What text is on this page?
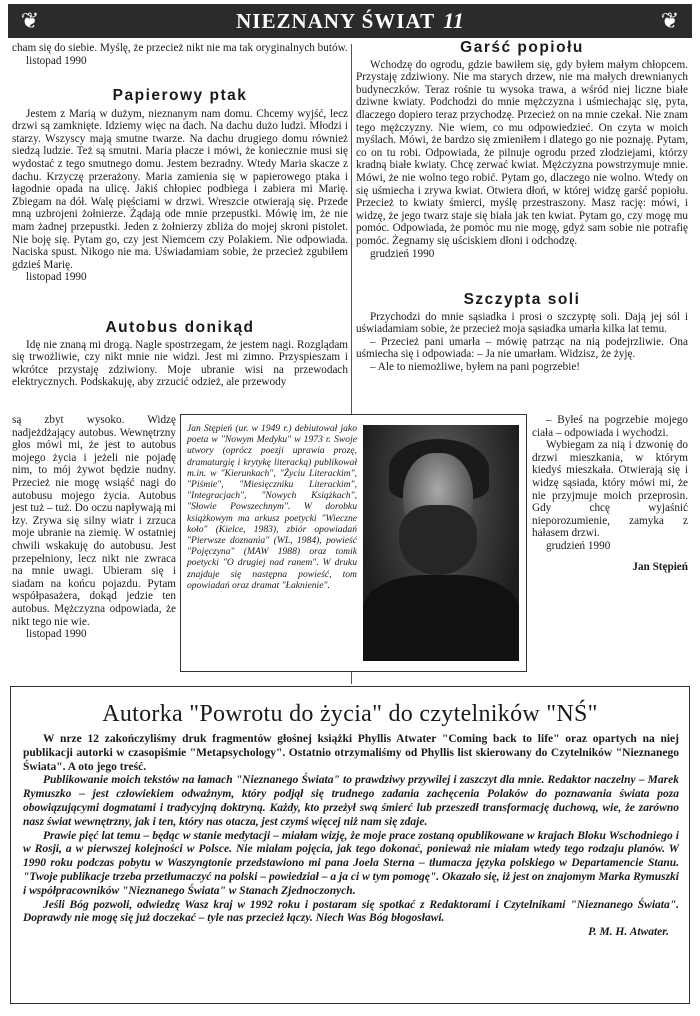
❦	NIEZNANY ŚWIAT 11	❦

cham się do siebie. Myślę, że przecież nikt nie ma tak oryginalnych butów.

listopad 1990
Papierowy ptak

Jestem z Marią w dużym, nieznanym nam domu. Chcemy wyjść, lecz drzwi są zamknięte. Idziemy więc na dach. Na dachu dużo ludzi. Młodzi i starzy. Wszyscy mają smutne twarze. Na dachu drugiego domu również siedzą ludzie. Też są smutni. Maria płacze i mówi, że koniecznie musi się wydostać z tego smutnego domu. Jestem bezradny. Wtedy Maria skacze z dachu. Krzyczę przerażony. Maria zamienia się w papierowego ptaka i łagodnie opada na ulicę. Jakiś chłopiec podbiega i zabiera mi Marię. Zbiegam na dół. Walę pięściami w drzwi. Wreszcie otwierają się. Przede mną uzbrojeni żołnierze. Żądają ode mnie przepustki. Mówię im, że nie mam żadnej przepustki. Jeden z żołnierzy zbliża do mojej skroni pistolet. Nie boję się. Pytam go, czy jest Niemcem czy Polakiem. Nie odpowiada. Naciska spust. Nikogo nie ma. Uświadamiam sobie, że przecież zgubiłem gdzieś Marię.

listopad 1990
Autobus donikąd

Idę nie znaną mi drogą. Nagle spostrzegam, że jestem nagi. Rozglądam się trwożliwie, czy nikt mnie nie widzi. Jest mi zimno. Przyspieszam i wkrótce przystaję zdziwiony. Moje ubranie wisi na przewodach elektrycznych. Podskakuję, aby zrzucić odzież, ale przewody

są zbyt wysoko. Widzę nadjeżdżający autobus. Wewnętrzny głos mówi mi, że jest to autobus mojego życia i jeżeli nie pojadę nim, to mój żywot będzie nudny. Przecież nie mogę wsiąść nagi do autobusu mojego życia. Autobus jest tuż – tuż. Do oczu napływają mi łzy. Zrywa się silny wiatr i zrzuca moje ubranie na ziemię. W ostatniej chwili wskakuję do autobusu. Jest przepełniony, lecz nikt nie zwraca na mnie uwagi. Ubieram się i siadam na końcu pojazdu. Pytam współpasażera, dokąd jedzie ten autobus. Mężczyzna odpowiada, że nikt tego nie wie.

listopad 1990
Garść popiołu

Wchodzę do ogrodu, gdzie bawiłem się, gdy byłem małym chłopcem. Przystaję zdziwiony. Nie ma starych drzew, nie ma małych drewnianych budyneczków. Teraz rośnie tu wysoka trawa, a wśród niej liczne białe dziwne kwiaty. Podchodzi do mnie mężczyzna i uśmiechając się, pyta, dlaczego dopiero teraz przychodzę. Przecież on na mnie czekał. Nie znam tego mężczyzny. Nie wiem, co mu odpowiedzieć. On czyta w moich myślach. Mówi, że bardzo się zmieniłem i dlatego go nie poznaję. Pytam, co on tu robi. Odpowiada, że pilnuje ogrodu przed złodziejami, którzy kradną białe kwiaty. Chcę zerwać kwiat. Mężczyzna powstrzymuje mnie. Mówi, że nie wolno tego robić. Pytam go, dlaczego nie wolno. Wtedy on się uśmiecha i zrywa kwiat. Otwiera dłoń, w której widzę garść popiołu. Przecież to kwiaty śmierci, myślę przestraszony. Masz rację: mówi, i widzę, że jego twarz staje się biała jak ten kwiat. Pytam go, czy mogę mu pomóc. Odpowiada, że pomóc mu nie mogę, gdyż sam sobie nie potrafię pomóc. Żegnamy się uściskiem dłoni i odchodzę.

grudzień 1990
Szczypta soli

Przychodzi do mnie sąsiadka i prosi o szczyptę soli. Dają jej sól i uświadamiam sobie, że przecież moja sąsiadka umarła kilka lat temu.

– Przecież pani umarła – mówię patrząc na nią podejrzliwie. Ona uśmiecha się i odpowiada: – Ja nie umarłam. Widzisz, że żyję.

– Ale to niemożliwe, byłem na pani pogrzebie!

– Byłeś na pogrzebie mojego ciała – odpowiada i wychodzi.

Wybiegam za nią i dzwonię do drzwi mieszkania, w którym kiedyś mieszkała. Otwierają się i widzę sąsiada, który mówi mi, że nie przyjmuje moich przeprosin. Gdy chcę wyjaśnić nieporozumienie, zamyka z hałasem drzwi.

grudzień 1990
Jan Stępień

Jan Stępień (ur. w 1949 r.) debiutował jako poeta w "Nowym Medyku" w 1973 r. Swoje utwory (oprócz poezji uprawia prozę, dramaturgię i krytykę literacką) publikował m.in. w "Kierunkach", "Życiu Literackim", "Piśmie", "Miesięczniku Literackim", "Integracjach", "Nowych Książkach", "Słowie Powszechnym". W dorobku książkowym ma arkusz poetycki "Wieczne koło" (Kielce, 1983), zbiór opowiadań "Pierwsze doznania" (WL, 1984), powieść "Pojęczyna" (MAW 1988) oraz tomik poetycki "O drugiej nad ranem". W druku znajduje się następna powieść, tom opowiadań oraz dramat "Łaknienie".

Autorka "Powrotu do życia" do czytelników "NŚ"

W nrze 12 zakończyliśmy druk fragmentów głośnej książki Phyllis Atwater "Coming back to life" oraz opartych na niej publikacji autorki w czasopiśmie "Metapsychology". Ostatnio otrzymaliśmy od Phyllis list skierowany do Czytelników "Nieznanego Świata". A oto jego treść.

Publikowanie moich tekstów na łamach "Nieznanego Świata" to prawdziwy przywilej i zaszczyt dla mnie. Redaktor naczelny – Marek Rymuszko – jest człowiekiem odważnym, który podjął się trudnego zadania zachęcenia Polaków do poznawania świata poza obowiązującymi dogmatami i tradycyjną doktryną. Każdy, kto przeżył swą śmierć lub przeszedł transformację duchową, wie, że zarówno nasz świat wewnętrzny, jak i ten, który nas otacza, jest czymś więcej niż nam się zdaje.

Prawie pięć lat temu – będąc w stanie medytacji – miałam wizję, że moje prace zostaną opublikowane w krajach Bloku Wschodniego i w Rosji, a w pierwszej kolejności w Polsce. Nie miałam pojęcia, jak tego dokonać, ponieważ nie miałam wtedy tego rodzaju planów. W 1990 roku podczas pobytu w Waszyngtonie przedstawiono mi pana Joela Sterna – tłumacza języka polskiego w Departamencie Stanu. "Twoje publikacje trzeba przetłumaczyć na polski – powiedział – a ja ci w tym pomogę". Okazało się, iż jest on znajomym Marka Rymuszki i współpracowników "Nieznanego Świata" w Stanach Zjednoczonych.

Jeśli Bóg pozwoli, odwiedzę Wasz kraj w 1992 roku i postaram się spotkać z Redaktorami i Czytelnikami "Nieznanego Świata". Doprawdy nie mogę się już doczekać – tyle nas przecież łączy. Niech Was Bóg błogosławi.

P. M. H. Atwater.
